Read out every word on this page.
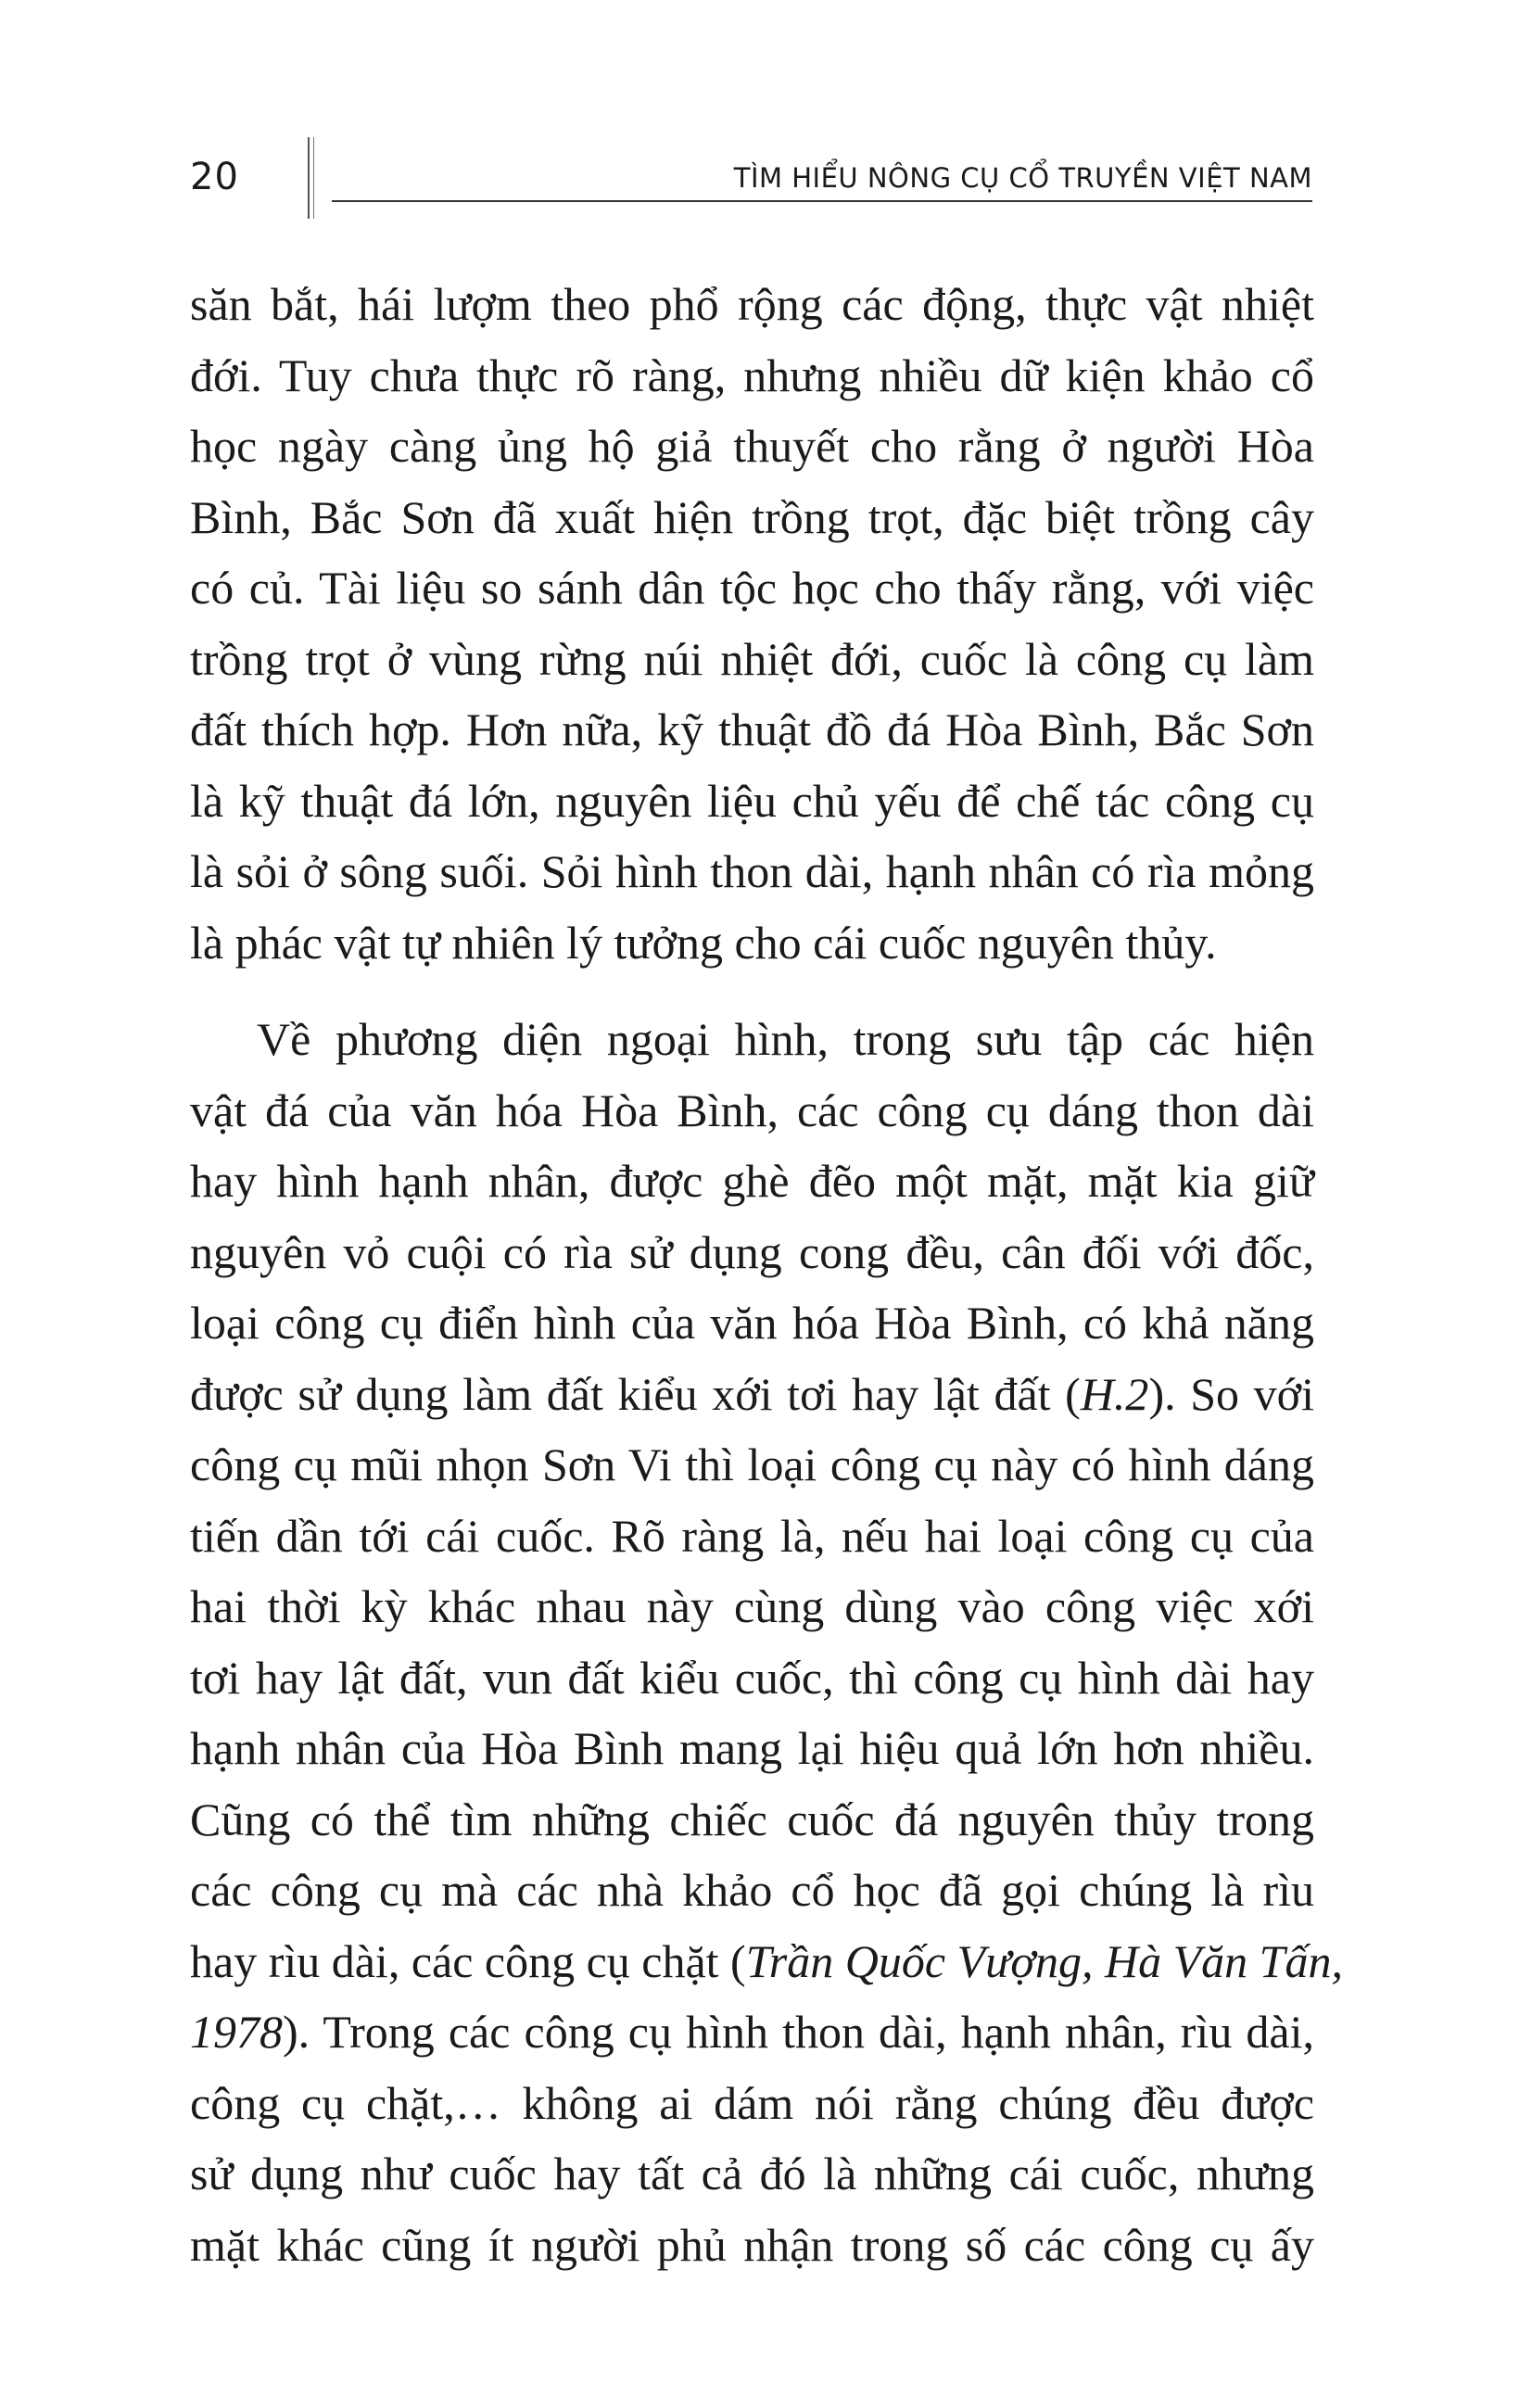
20	TÌM HIỂU NÔNG CỤ CỔ TRUYỀN VIỆT NAM

săn bắt, hái lượm theo phổ rộng các động, thực vật nhiệt
đới. Tuy chưa thực rõ ràng, nhưng nhiều dữ kiện khảo cổ
học ngày càng ủng hộ giả thuyết cho rằng ở người Hòa
Bình, Bắc Sơn đã xuất hiện trồng trọt, đặc biệt trồng cây
có củ. Tài liệu so sánh dân tộc học cho thấy rằng, với việc
trồng trọt ở vùng rừng núi nhiệt đới, cuốc là công cụ làm
đất thích hợp. Hơn nữa, kỹ thuật đồ đá Hòa Bình, Bắc Sơn
là kỹ thuật đá lớn, nguyên liệu chủ yếu để chế tác công cụ
là sỏi ở sông suối. Sỏi hình thon dài, hạnh nhân có rìa mỏng
là phác vật tự nhiên lý tưởng cho cái cuốc nguyên thủy.

Về phương diện ngoại hình, trong sưu tập các hiện
vật đá của văn hóa Hòa Bình, các công cụ dáng thon dài
hay hình hạnh nhân, được ghè đẽo một mặt, mặt kia giữ
nguyên vỏ cuội có rìa sử dụng cong đều, cân đối với đốc,
loại công cụ điển hình của văn hóa Hòa Bình, có khả năng
được sử dụng làm đất kiểu xới tơi hay lật đất (H.2). So với
công cụ mũi nhọn Sơn Vi thì loại công cụ này có hình dáng
tiến dần tới cái cuốc. Rõ ràng là, nếu hai loại công cụ của
hai thời kỳ khác nhau này cùng dùng vào công việc xới
tơi hay lật đất, vun đất kiểu cuốc, thì công cụ hình dài hay
hạnh nhân của Hòa Bình mang lại hiệu quả lớn hơn nhiều.
Cũng có thể tìm những chiếc cuốc đá nguyên thủy trong
các công cụ mà các nhà khảo cổ học đã gọi chúng là rìu
hay rìu dài, các công cụ chặt (Trần Quốc Vượng, Hà Văn Tấn,
1978). Trong các công cụ hình thon dài, hạnh nhân, rìu dài,
công cụ chặt,… không ai dám nói rằng chúng đều được
sử dụng như cuốc hay tất cả đó là những cái cuốc, nhưng
mặt khác cũng ít người phủ nhận trong số các công cụ ấy
